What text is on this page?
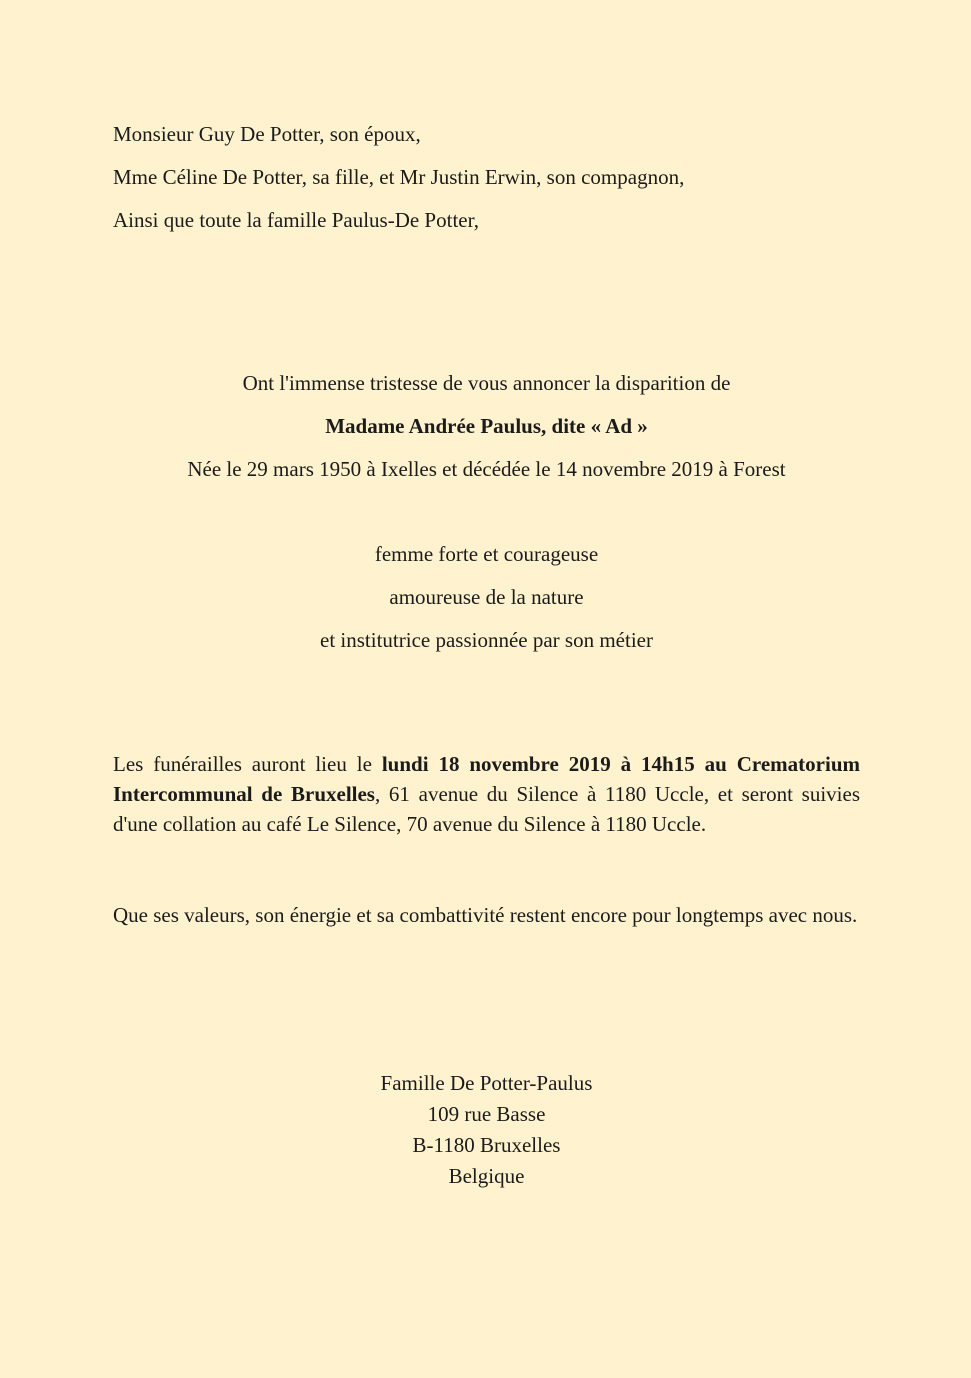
Monsieur Guy De Potter, son époux,

Mme Céline De Potter, sa fille, et Mr Justin Erwin, son compagnon,

Ainsi que toute la famille Paulus-De Potter,

Ont l'immense tristesse de vous annoncer la disparition de

Madame Andrée Paulus, dite « Ad »

Née le 29 mars 1950 à Ixelles et décédée le 14 novembre 2019 à Forest

femme forte et courageuse

amoureuse de la nature

et institutrice passionnée par son métier

Les funérailles auront lieu le lundi 18 novembre 2019 à 14h15 au Crematorium Intercommunal de Bruxelles, 61 avenue du Silence à 1180 Uccle, et seront suivies d'une collation au café Le Silence, 70 avenue du Silence à 1180 Uccle.

Que ses valeurs, son énergie et sa combattivité restent encore pour longtemps avec nous.

Famille De Potter-Paulus

109 rue Basse

B-1180 Bruxelles

Belgique
